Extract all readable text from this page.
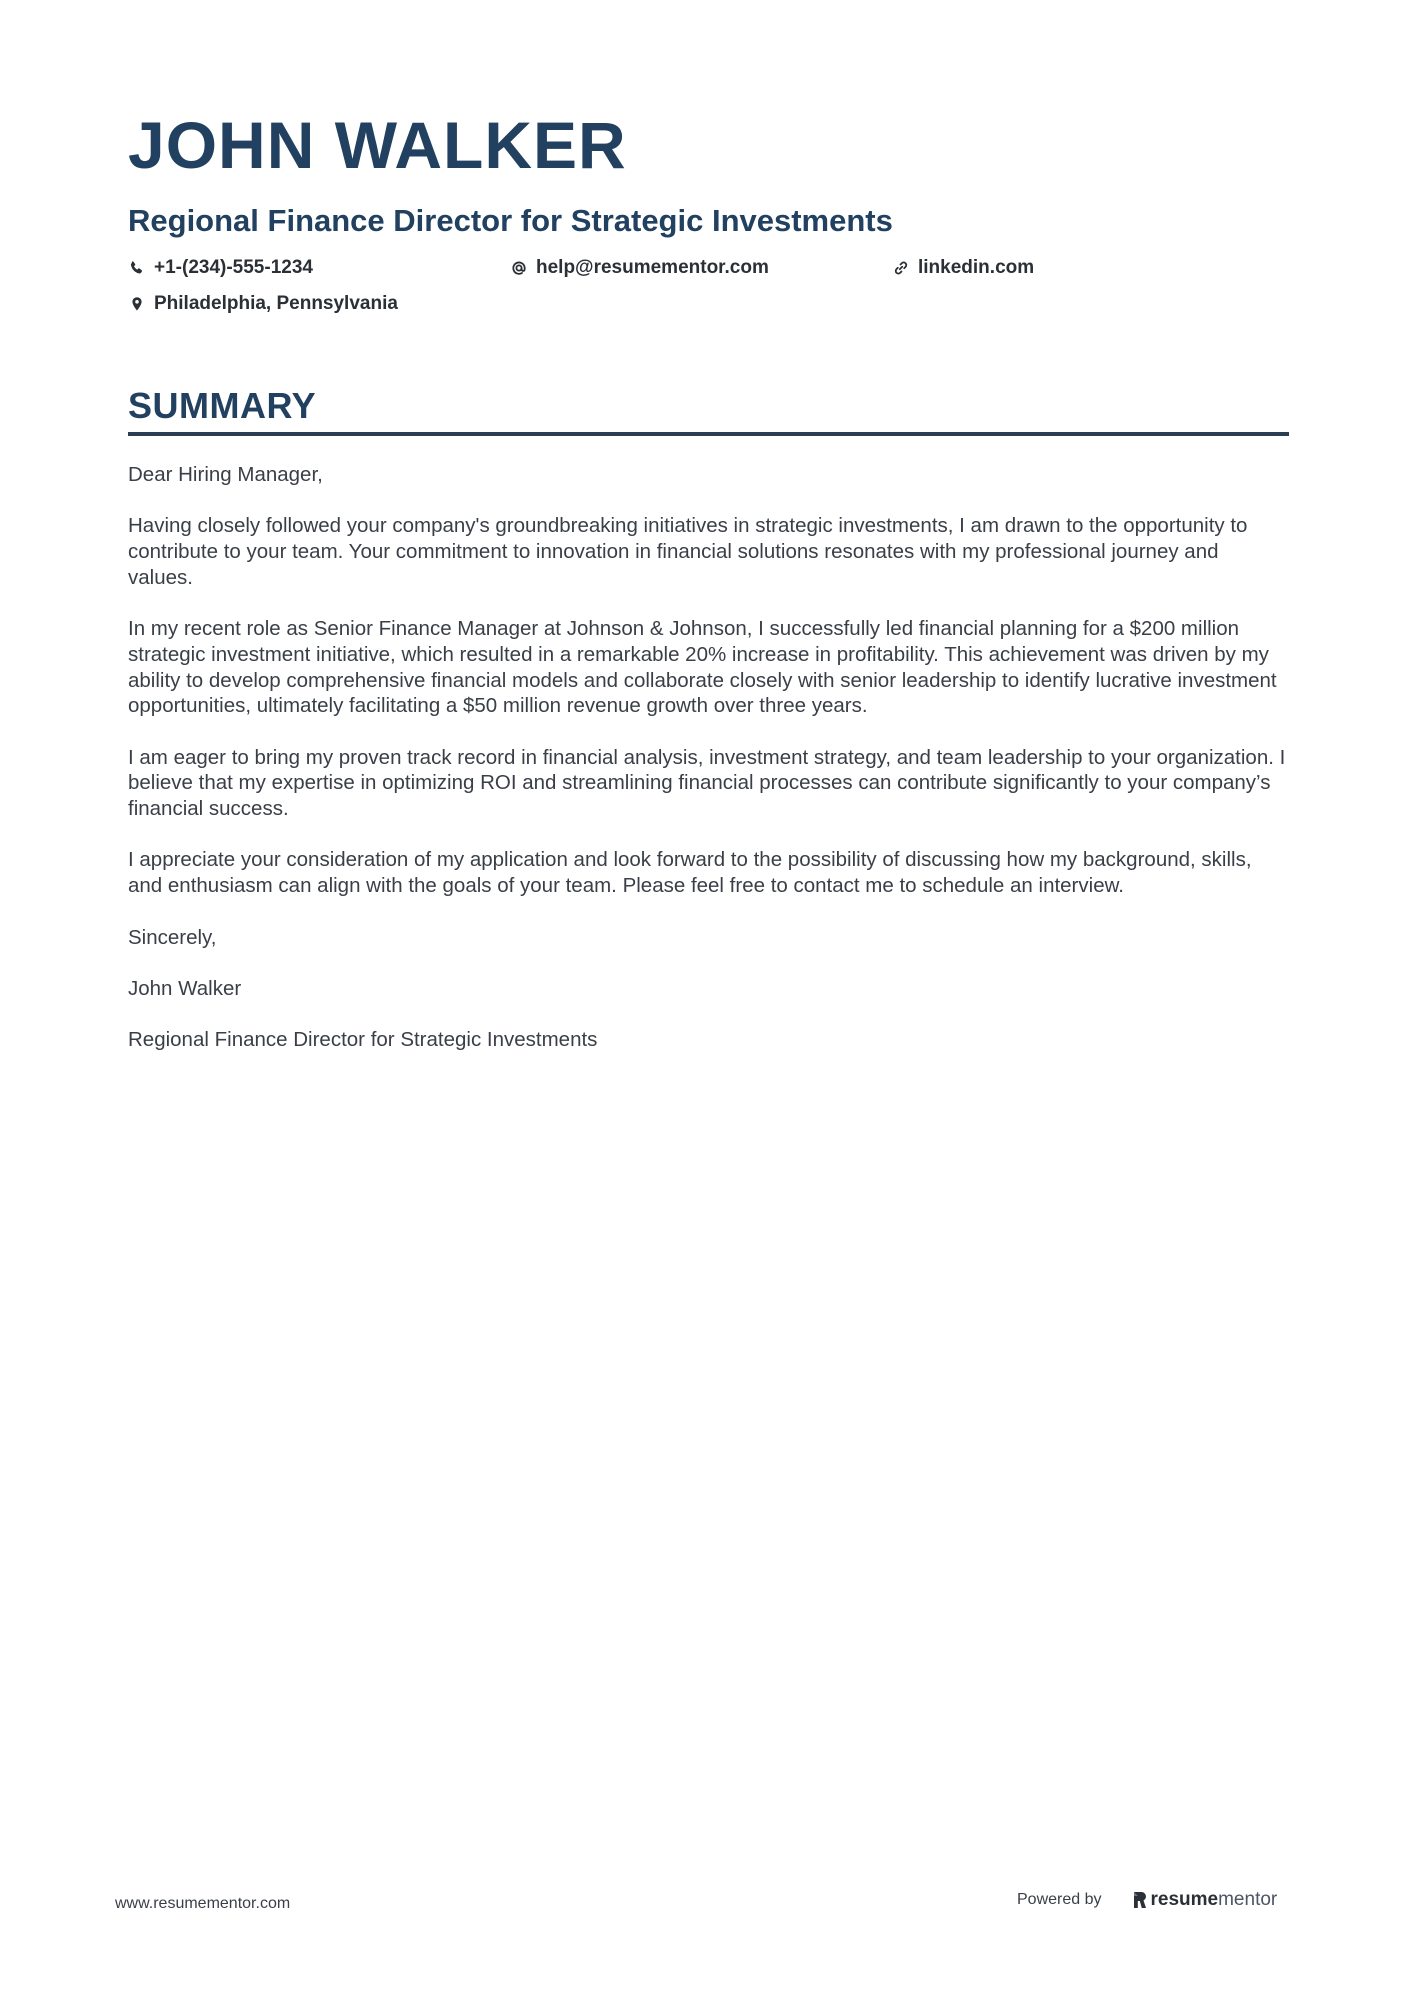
JOHN WALKER
Regional Finance Director for Strategic Investments
+1-(234)-555-1234	help@resumementor.com	linkedin.com
Philadelphia, Pennsylvania
SUMMARY

Dear Hiring Manager,

Having closely followed your company's groundbreaking initiatives in strategic investments, I am drawn to the opportunity to contribute to your team. Your commitment to innovation in financial solutions resonates with my professional journey and values.

In my recent role as Senior Finance Manager at Johnson & Johnson, I successfully led financial planning for a $200 million strategic investment initiative, which resulted in a remarkable 20% increase in profitability. This achievement was driven by my ability to develop comprehensive financial models and collaborate closely with senior leadership to identify lucrative investment opportunities, ultimately facilitating a $50 million revenue growth over three years.

I am eager to bring my proven track record in financial analysis, investment strategy, and team leadership to your organization. I believe that my expertise in optimizing ROI and streamlining financial processes can contribute significantly to your company’s financial success.

I appreciate your consideration of my application and look forward to the possibility of discussing how my background, skills, and enthusiasm can align with the goals of your team. Please feel free to contact me to schedule an interview.

Sincerely,

John Walker

Regional Finance Director for Strategic Investments

www.resumementor.com	Powered by	resume mentor
